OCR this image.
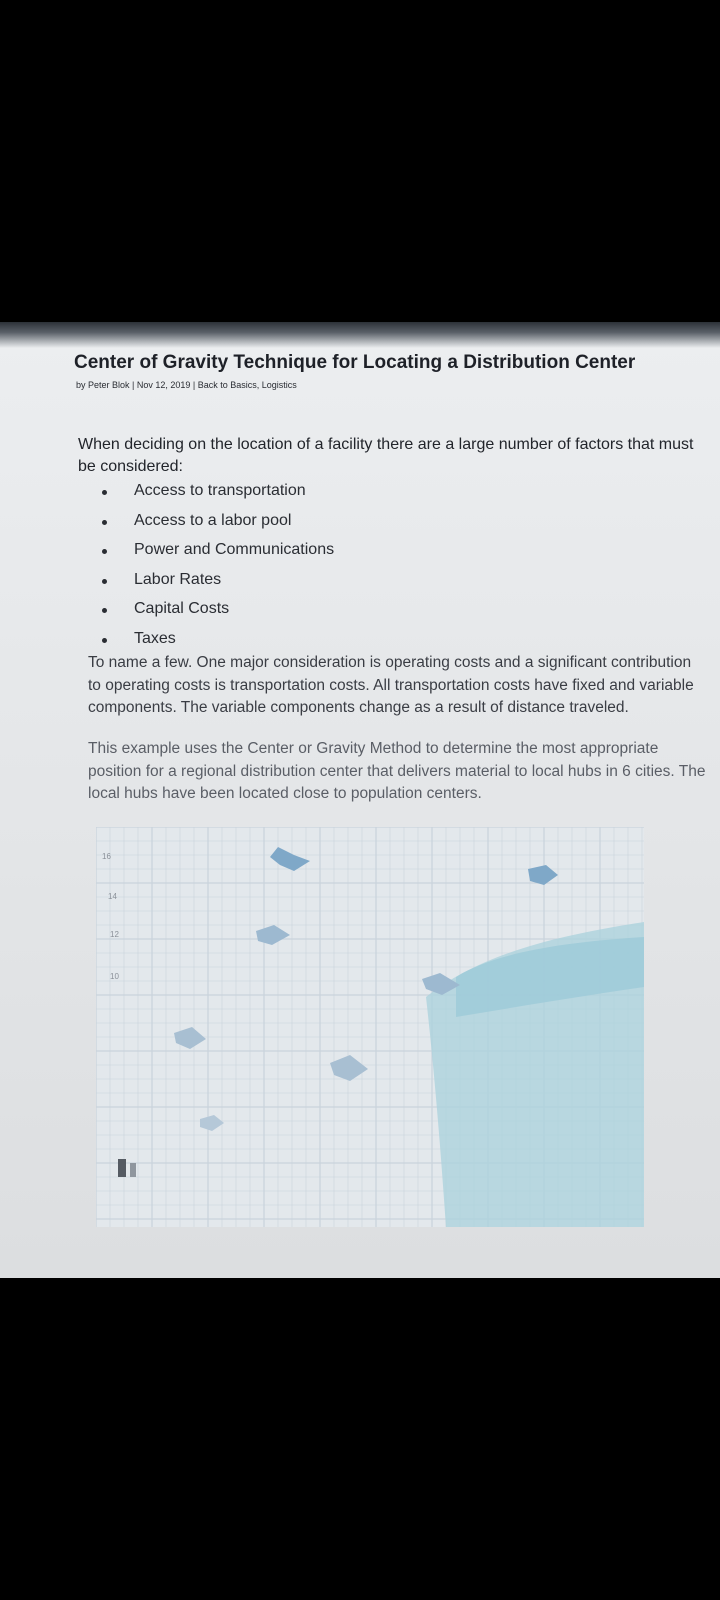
Center of Gravity Technique for Locating a Distribution Center
by Peter Blok | Nov 12, 2019 | Back to Basics, Logistics
When deciding on the location of a facility there are a large number of factors that must be considered:
Access to transportation
Access to a labor pool
Power and Communications
Labor Rates
Capital Costs
Taxes
To name a few. One major consideration is operating costs and a significant contribution to operating costs is transportation costs. All transportation costs have fixed and variable components. The variable components change as a result of distance traveled.
This example uses the Center or Gravity Method to determine the most appropriate position for a regional distribution center that delivers material to local hubs in 6 cities. The local hubs have been located close to population centers.
16
14
12
10
